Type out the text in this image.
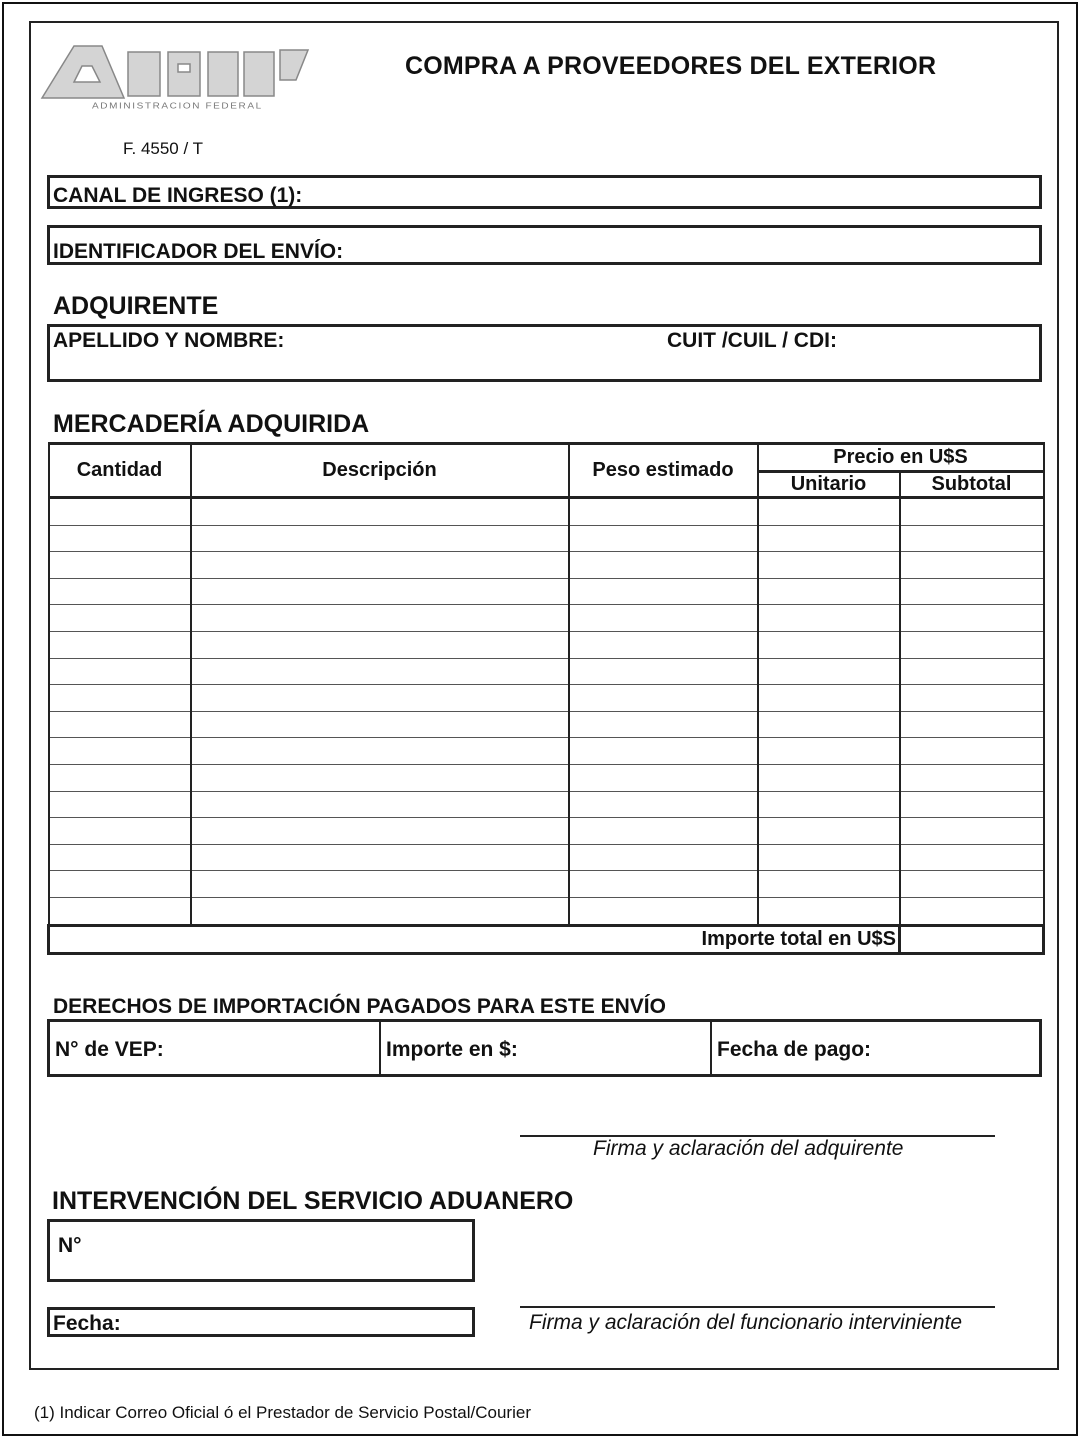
ADMINISTRACION FEDERAL
COMPRA A PROVEEDORES DEL EXTERIOR
F. 4550 / T
CANAL DE INGRESO (1):
IDENTIFICADOR DEL ENVÍO:
ADQUIRENTE
APELLIDO Y NOMBRE:	CUIT /CUIL / CDI:
MERCADERÍA ADQUIRIDA
Cantidad	Descripción	Peso estimado	Precio en U$S	
			Unitario	Subtotal

Importe total en U$S				
DERECHOS DE IMPORTACIÓN PAGADOS PARA ESTE ENVÍO
N° de VEP:	Importe en $:	Fecha de pago:
Firma y aclaración del adquirente
INTERVENCIÓN DEL SERVICIO ADUANERO
N°
Fecha:	Firma y aclaración del funcionario interviniente
(1) Indicar Correo Oficial ó el Prestador de Servicio Postal/Courier
